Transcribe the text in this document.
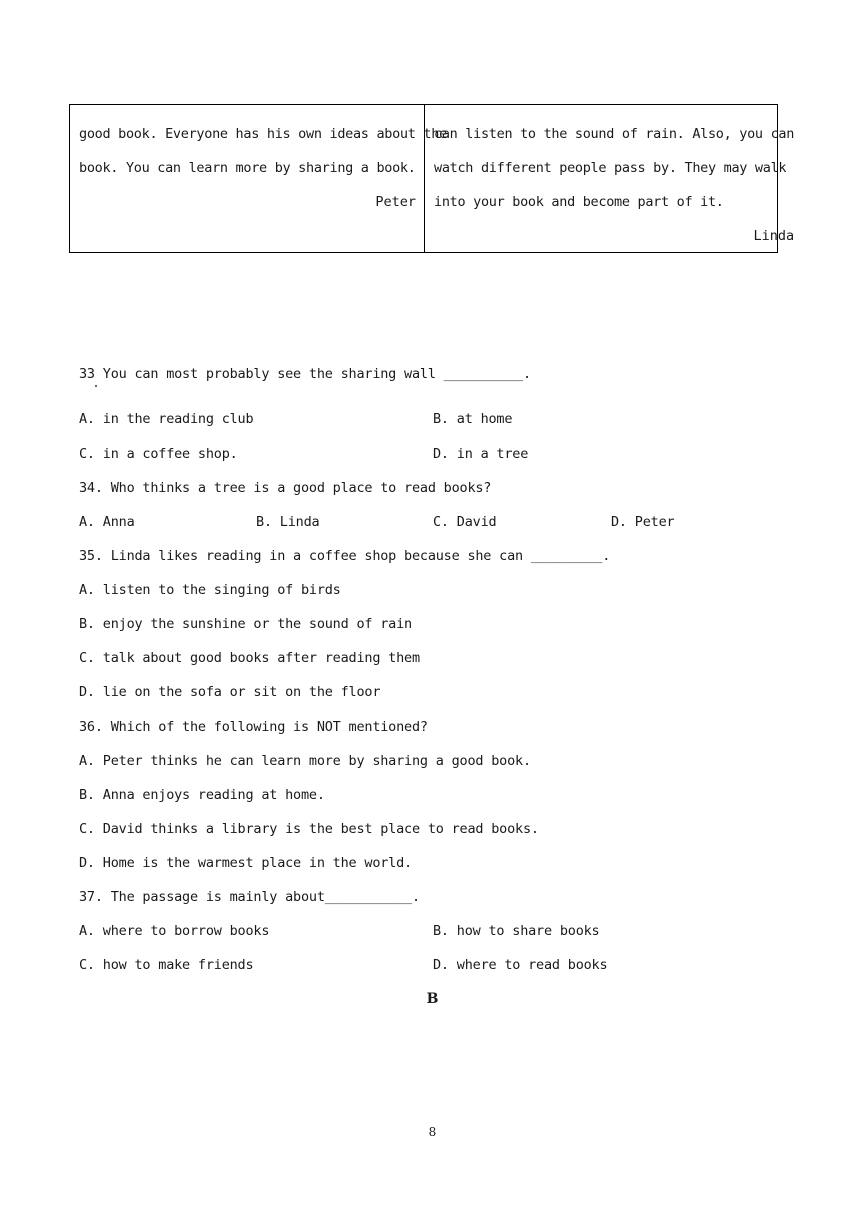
good book. Everyone has his own ideas about the
book. You can learn more by sharing a book.
Peter
can listen to the sound of rain. Also, you can
watch different people pass by. They may walk
into your book and become part of it.
Linda
33 You can most probably see the sharing wall __________.
A. in the reading club	B. at home
C. in a coffee shop.	D. in a tree
34. Who thinks a tree is a good place to read books?
A. Anna	B. Linda	C. David	D. Peter
35. Linda likes reading in a coffee shop because she can _________.
A. listen to the singing of birds
B. enjoy the sunshine or the sound of rain
C. talk about good books after reading them
D. lie on the sofa or sit on the floor
36. Which of the following is NOT mentioned?
A. Peter thinks he can learn more by sharing a good book.
B. Anna enjoys reading at home.
C. David thinks a library is the best place to read books.
D. Home is the warmest place in the world.
37. The passage is mainly about___________.
A. where to borrow books	B. how to share books
C. how to make friends	D. where to read books
B
8
